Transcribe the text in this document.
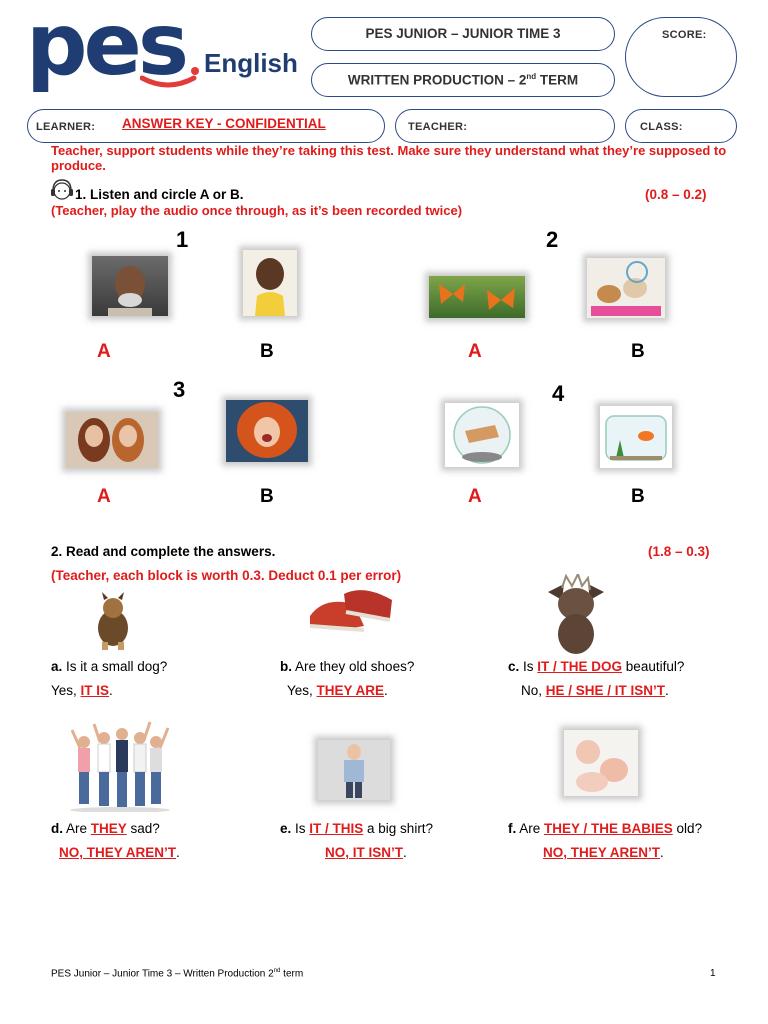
pes English
PES JUNIOR – JUNIOR TIME 3
WRITTEN PRODUCTION – 2nd TERM
SCORE:
LEARNER: ANSWER KEY - CONFIDENTIAL	TEACHER:	CLASS:
Teacher, support students while they’re taking this test. Make sure they understand what they’re supposed to produce.
1. Listen and circle A or B.	(0.8 – 0.2)
(Teacher, play the audio once through, as it’s been recorded twice)
1
A	B
2
A	B
3
A	B
4
A	B
2. Read and complete the answers.	(1.8 – 0.3)
(Teacher, each block is worth 0.3. Deduct 0.1 per error)
a. Is it a small dog?
Yes, IT IS.
b. Are they old shoes?
Yes, THEY ARE.
c. Is IT / THE DOG beautiful?
No, HE / SHE / IT ISN’T.
d. Are THEY sad?
NO, THEY AREN’T.
e. Is IT / THIS a big shirt?
NO, IT ISN’T.
f. Are THEY / THE BABIES old?
NO, THEY AREN’T.
PES Junior – Junior Time 3 – Written Production 2nd term	1
